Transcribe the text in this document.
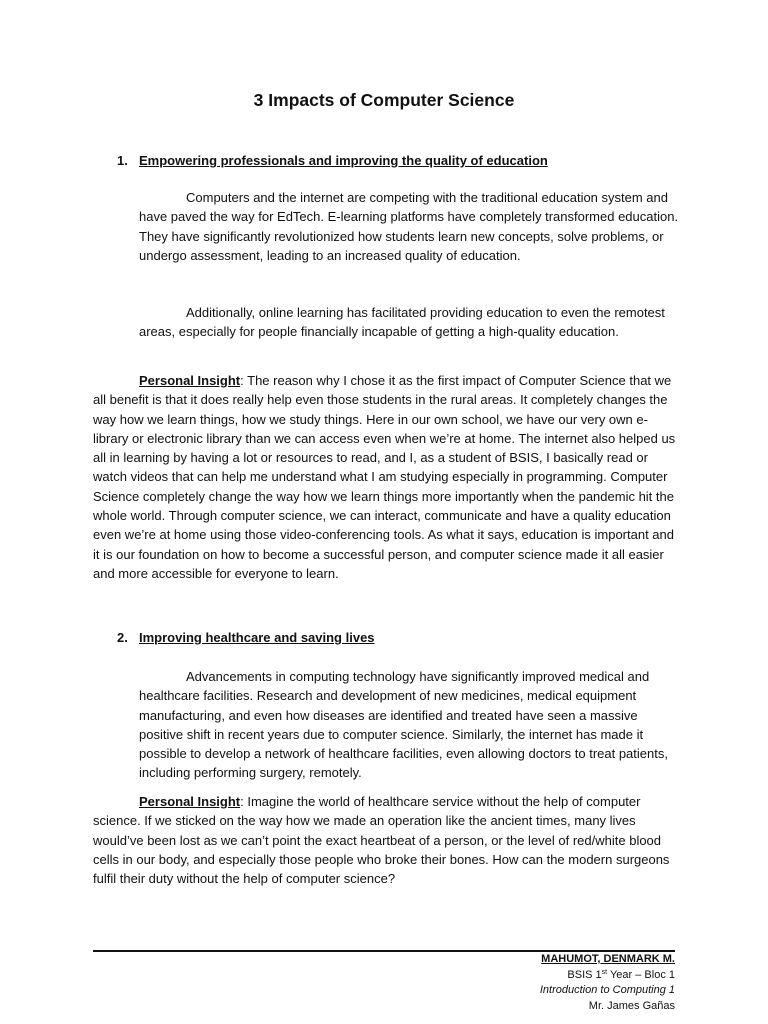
3 Impacts of Computer Science
1. Empowering professionals and improving the quality of education

Computers and the internet are competing with the traditional education system and have paved the way for EdTech. E-learning platforms have completely transformed education. They have significantly revolutionized how students learn new concepts, solve problems, or undergo assessment, leading to an increased quality of education.

Additionally, online learning has facilitated providing education to even the remotest areas, especially for people financially incapable of getting a high-quality education.

Personal Insight: The reason why I chose it as the first impact of Computer Science that we all benefit is that it does really help even those students in the rural areas. It completely changes the way how we learn things, how we study things. Here in our own school, we have our very own e-library or electronic library than we can access even when we’re at home. The internet also helped us all in learning by having a lot or resources to read, and I, as a student of BSIS, I basically read or watch videos that can help me understand what I am studying especially in programming. Computer Science completely change the way how we learn things more importantly when the pandemic hit the whole world. Through computer science, we can interact, communicate and have a quality education even we’re at home using those video-conferencing tools. As what it says, education is important and it is our foundation on how to become a successful person, and computer science made it all easier and more accessible for everyone to learn.

2. Improving healthcare and saving lives

Advancements in computing technology have significantly improved medical and healthcare facilities. Research and development of new medicines, medical equipment manufacturing, and even how diseases are identified and treated have seen a massive positive shift in recent years due to computer science. Similarly, the internet has made it possible to develop a network of healthcare facilities, even allowing doctors to treat patients, including performing surgery, remotely.

Personal Insight: Imagine the world of healthcare service without the help of computer science. If we sticked on the way how we made an operation like the ancient times, many lives would’ve been lost as we can’t point the exact heartbeat of a person, or the level of red/white blood cells in our body, and especially those people who broke their bones. How can the modern surgeons fulfil their duty without the help of computer science?

MAHUMOT, DENMARK M.
BSIS 1st Year – Bloc 1
Introduction to Computing 1
Mr. James Gañas
